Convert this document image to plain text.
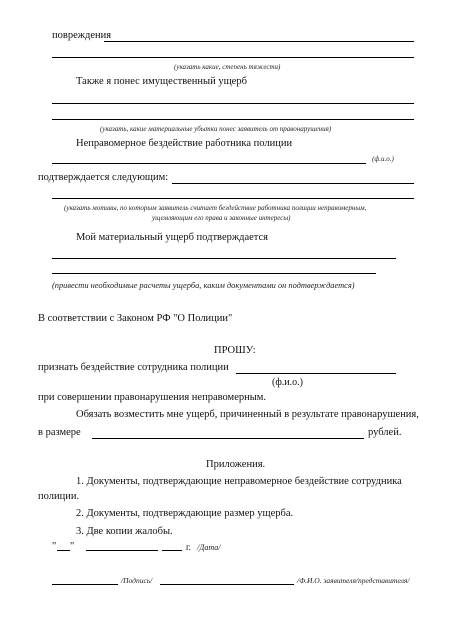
повреждения
(указать какие, степень тяжести)
Также я понес имущественный ущерб
(указать, какие материальные убытки понес заявитель от правонарушения)
Неправомерное бездействие работника полиции
(ф.и.о.)
подтверждается следующим:
(указать мотивы, по которым заявитель считает бездействие работника полиции неправомерным,
ущемляющим его права и законные интересы)
Мой материальный ущерб подтверждается
(привести необходимые расчеты ущерба, каким документами он подтверждается)
В соответствии с Законом РФ "О Полиции"
ПРОШУ:
признать бездействие сотрудника полиции
(ф.и.о.)
при совершении правонарушения неправомерным.
Обязать возместить мне ущерб, причиненный в результате правонарушения,
в размере	рублей.
Приложения.
1. Документы, подтверждающие неправомерное бездействие сотрудника
полиции.
2. Документы, подтверждающие размер ущерба.
3. Две копии жалобы.
" "	г. /Дата/
/Подпись/	/Ф.И.О. заявителя/представителя/
